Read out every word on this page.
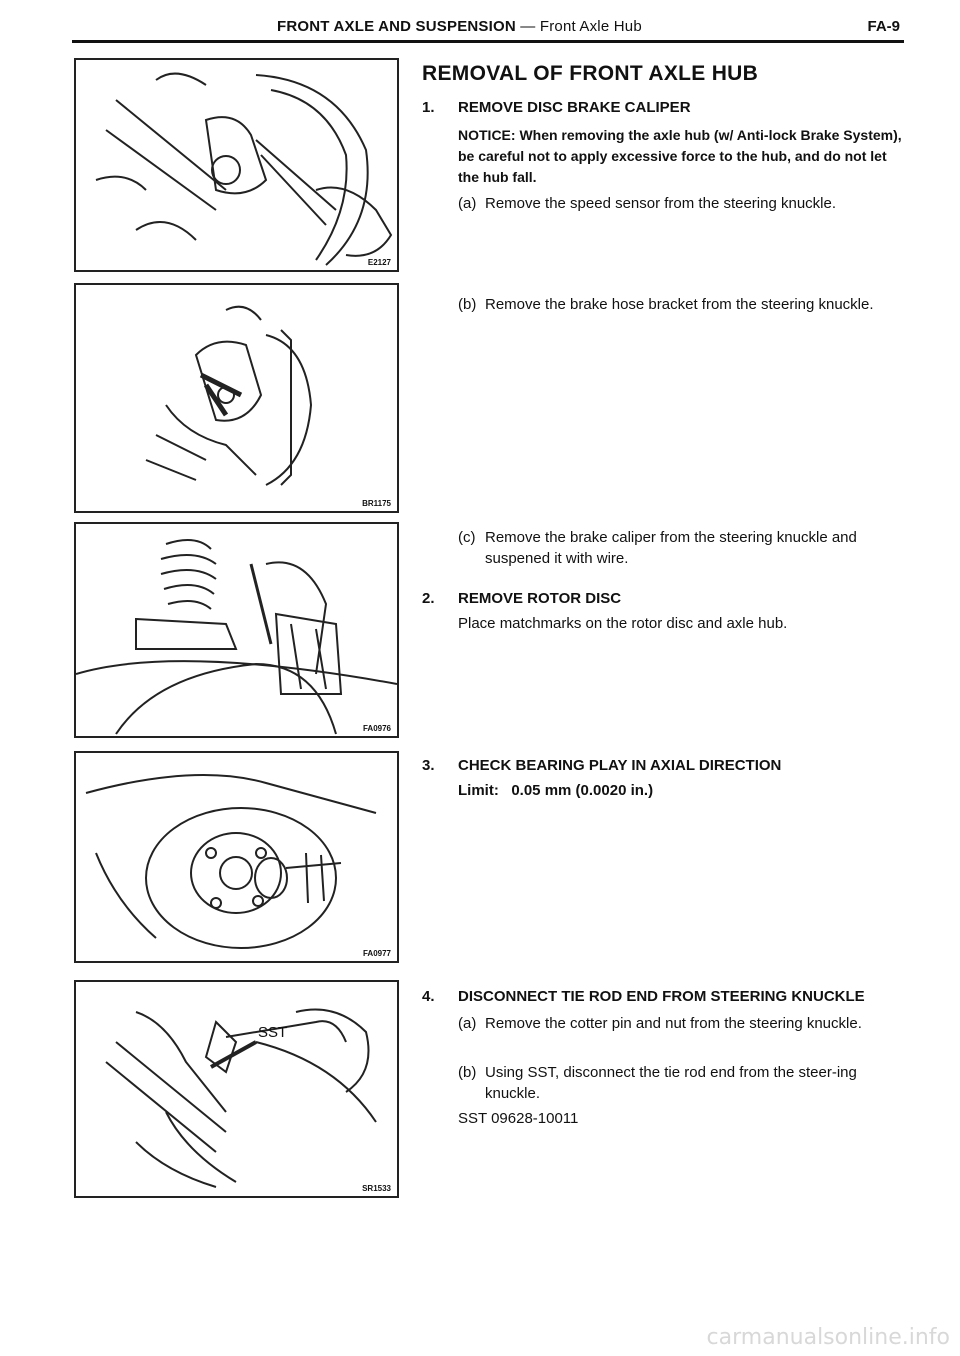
FRONT AXLE AND SUSPENSION — Front Axle Hub	FA-9
E2127
BR1175
FA0976
FA0977
SST
SR1533
REMOVAL OF FRONT AXLE HUB
1. REMOVE DISC BRAKE CALIPER
NOTICE: When removing the axle hub (w/ Anti-lock Brake System), be careful not to apply excessive force to the hub, and do not let the hub fall.
(a) Remove the speed sensor from the steering knuckle.
(b) Remove the brake hose bracket from the steering knuckle.
(c) Remove the brake caliper from the steering knuckle and suspened it with wire.
2. REMOVE ROTOR DISC
Place matchmarks on the rotor disc and axle hub.
3. CHECK BEARING PLAY IN AXIAL DIRECTION
Limit:   0.05 mm (0.0020 in.)
4. DISCONNECT TIE ROD END FROM STEERING KNUCKLE
(a) Remove the cotter pin and nut from the steering knuckle.
(b) Using SST, disconnect the tie rod end from the steer-ing knuckle.
SST 09628-10011
carmanualsonline.info
